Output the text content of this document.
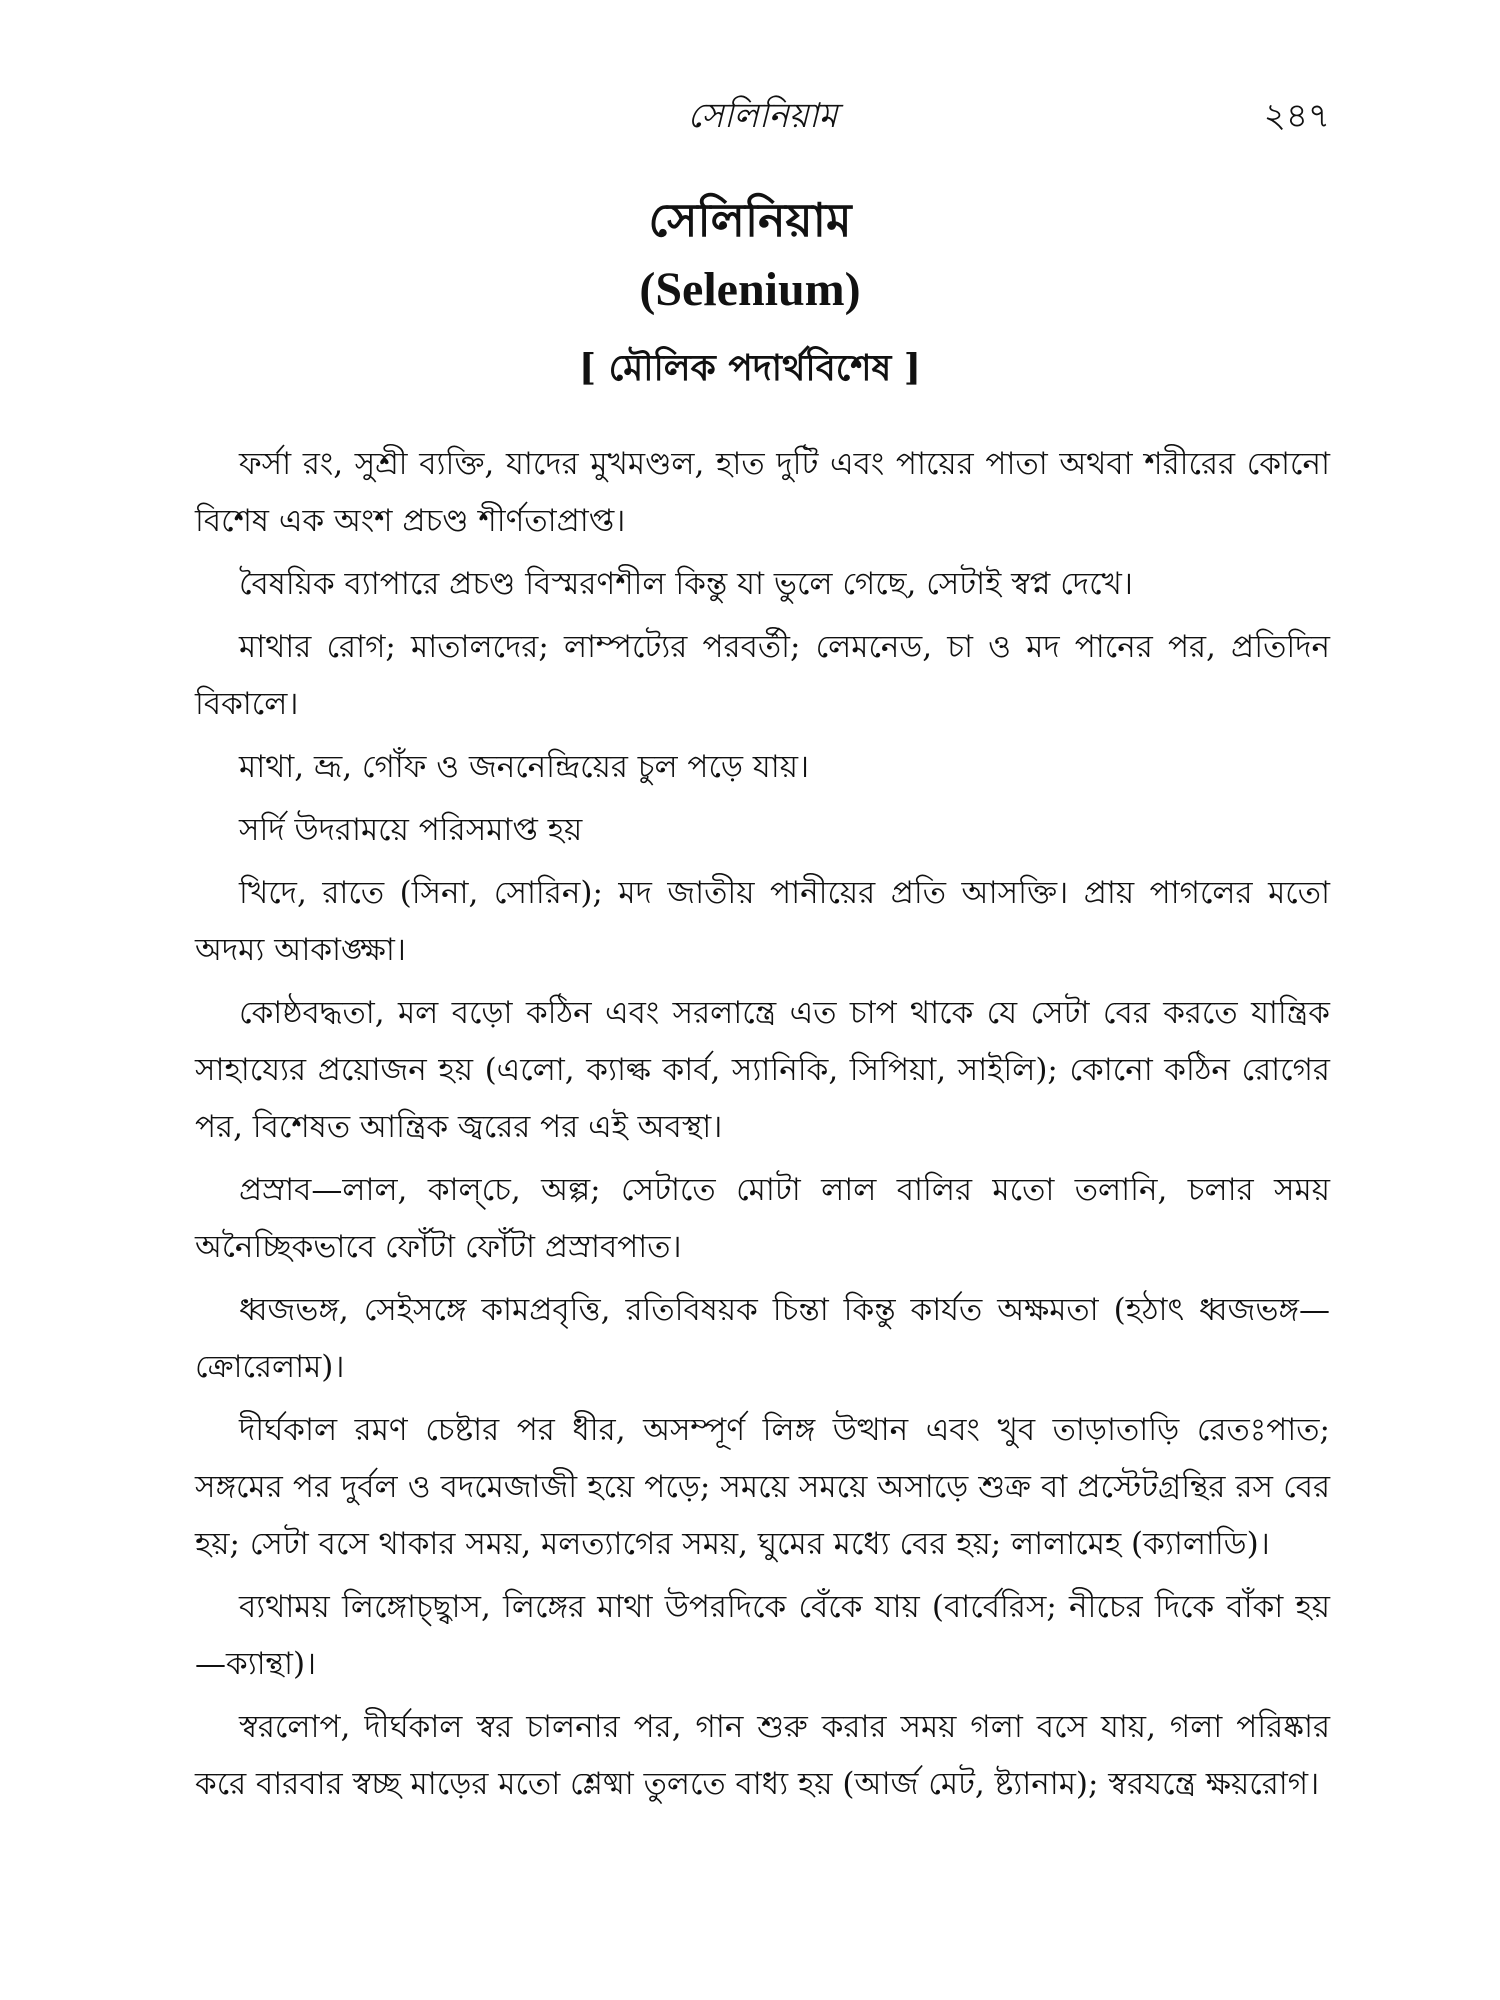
সেলিনিয়াম	২৪৭
সেলিনিয়াম
(Selenium)
[ মৌলিক পদার্থবিশেষ ]

ফর্সা রং, সুশ্রী ব্যক্তি, যাদের মুখমণ্ডল, হাত দুটি এবং পায়ের পাতা অথবা শরীরের কোনো বিশেষ এক অংশ প্রচণ্ড শীর্ণতাপ্রাপ্ত।

বৈষয়িক ব্যাপারে প্রচণ্ড বিস্মরণশীল কিন্তু যা ভুলে গেছে, সেটাই স্বপ্ন দেখে।

মাথার রোগ; মাতালদের; লাম্পট্যের পরবর্তী; লেমনেড, চা ও মদ পানের পর, প্রতিদিন বিকালে।

মাথা, ভ্রূ, গোঁফ ও জননেন্দ্রিয়ের চুল পড়ে যায়।

সর্দি উদরাময়ে পরিসমাপ্ত হয়

খিদে, রাতে (সিনা, সোরিন); মদ জাতীয় পানীয়ের প্রতি আসক্তি। প্রায় পাগলের মতো অদম্য আকাঙ্ক্ষা।

কোষ্ঠবদ্ধতা, মল বড়ো কঠিন এবং সরলান্ত্রে এত চাপ থাকে যে সেটা বের করতে যান্ত্রিক সাহায্যের প্রয়োজন হয় (এলো, ক্যাল্ক কার্ব, স্যানিকি, সিপিয়া, সাইলি); কোনো কঠিন রোগের পর, বিশেষত আন্ত্রিক জ্বরের পর এই অবস্থা।

প্রস্রাব—লাল, কাল্‌চে, অল্প; সেটাতে মোটা লাল বালির মতো তলানি, চলার সময় অনৈচ্ছিকভাবে ফোঁটা ফোঁটা প্রস্রাবপাত।

ধ্বজভঙ্গ, সেইসঙ্গে কামপ্রবৃত্তি, রতিবিষয়ক চিন্তা কিন্তু কার্যত অক্ষমতা (হঠাৎ ধ্বজভঙ্গ—ক্রোরেলাম)।

দীর্ঘকাল রমণ চেষ্টার পর ধীর, অসম্পূর্ণ লিঙ্গ উত্থান এবং খুব তাড়াতাড়ি রেতঃপাত; সঙ্গমের পর দুর্বল ও বদমেজাজী হয়ে পড়ে; সময়ে সময়ে অসাড়ে শুক্র বা প্রস্টেটগ্রন্থির রস বের হয়; সেটা বসে থাকার সময়, মলত্যাগের সময়, ঘুমের মধ্যে বের হয়; লালামেহ (ক্যালাডি)।

ব্যথাময় লিঙ্গোচ্ছ্বাস, লিঙ্গের মাথা উপরদিকে বেঁকে যায় (বার্বেরিস; নীচের দিকে বাঁকা হয়—ক্যান্থা)।

স্বরলোপ, দীর্ঘকাল স্বর চালনার পর, গান শুরু করার সময় গলা বসে যায়, গলা পরিষ্কার করে বারবার স্বচ্ছ মাড়ের মতো শ্লেষ্মা তুলতে বাধ্য হয় (আর্জ মেট, ষ্ট্যানাম); স্বরযন্ত্রে ক্ষয়রোগ।
